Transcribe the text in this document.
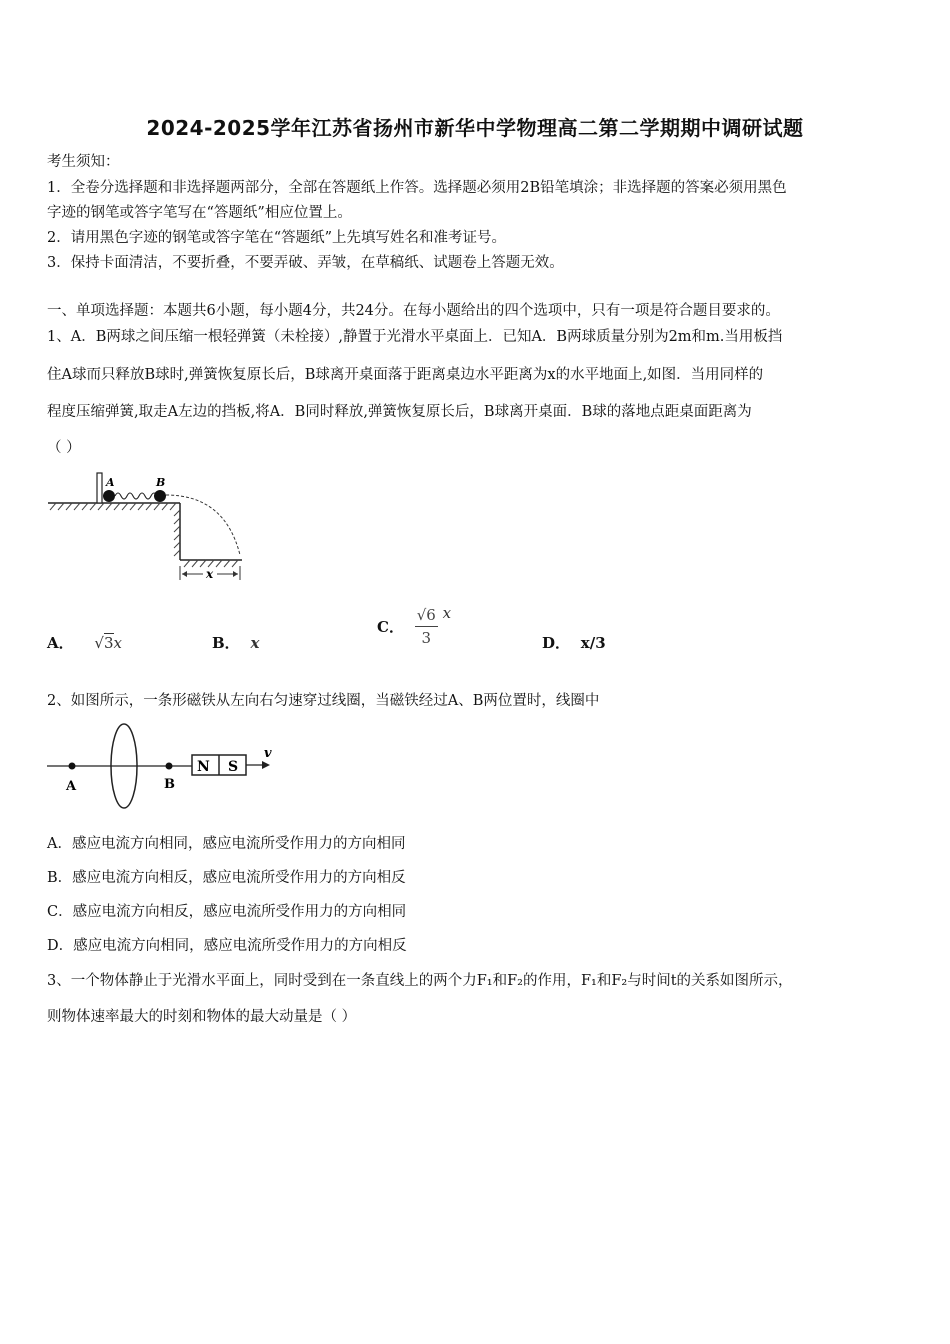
2024-2025学年江苏省扬州市新华中学物理高二第二学期期中调研试题
考生须知：
1．全卷分选择题和非选择题两部分，全部在答题纸上作答。选择题必须用2B铅笔填涂；非选择题的答案必须用黑色
字迹的钢笔或答字笔写在“答题纸”相应位置上。
2．请用黑色字迹的钢笔或答字笔在“答题纸”上先填写姓名和准考证号。
3．保持卡面清洁，不要折叠，不要弄破、弄皱，在草稿纸、试题卷上答题无效。
一、单项选择题：本题共6小题，每小题4分，共24分。在每小题给出的四个选项中，只有一项是符合题目要求的。
1、A．B两球之间压缩一根轻弹簧（未栓接）,静置于光滑水平桌面上．已知A．B两球质量分别为2m和m.当用板挡
住A球而只释放B球时,弹簧恢复原长后，B球离开桌面落于距离桌边水平距离为x的水平地面上,如图．当用同样的
程度压缩弹簧,取走A左边的挡板,将A．B同时释放,弹簧恢复原长后，B球离开桌面．B球的落地点距桌面距离为
（ ）
A	B
x
A． √3x	B． x
C． $\frac{√6}{3}$ x
D． x/3
2、如图所示，一条形磁铁从左向右匀速穿过线圈，当磁铁经过A、B两位置时，线圈中
A	B
N S
v
A．感应电流方向相同，感应电流所受作用力的方向相同
B．感应电流方向相反，感应电流所受作用力的方向相反
C．感应电流方向相反，感应电流所受作用力的方向相同
D．感应电流方向相同，感应电流所受作用力的方向相反
3、一个物体静止于光滑水平面上，同时受到在一条直线上的两个力F₁和F₂的作用，F₁和F₂与时间t的关系如图所示，
则物体速率最大的时刻和物体的最大动量是（ ）
